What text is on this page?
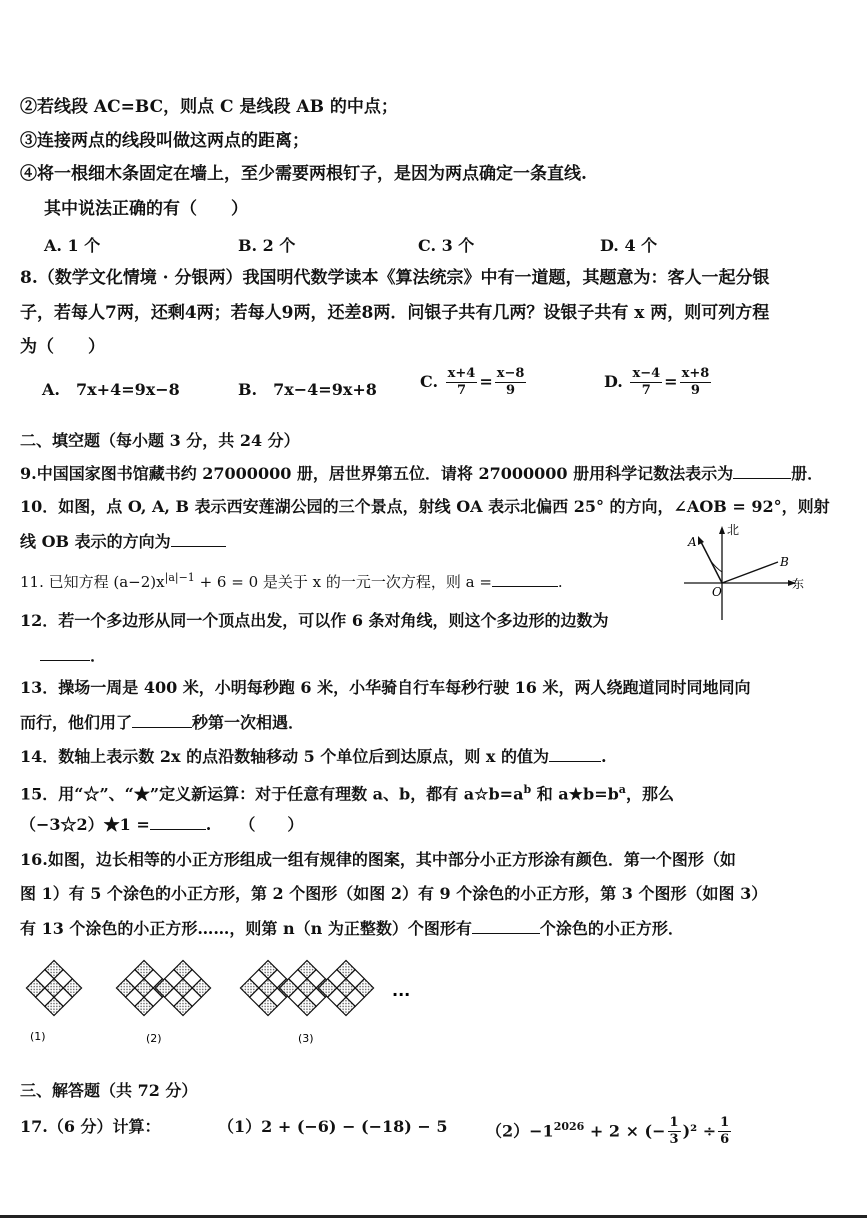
②若线段 AC=BC，则点 C 是线段 AB 的中点；
③连接两点的线段叫做这两点的距离；
④将一根细木条固定在墙上，至少需要两根钉子，是因为两点确定一条直线.
其中说法正确的有（　　）
A. 1 个	B. 2 个	C. 3 个	D. 4 个
8.（数学文化情境 · 分银两）我国明代数学读本《算法统宗》中有一道题，其题意为：客人一起分银
子，若每人7两，还剩4两；若每人9两，还差8两．问银子共有几两？设银子共有 x 两，则可列方程
为（　　）
A.　7x+4=9x−8	B.　7x−4=9x+8	C. $\frac{x+4}{7} = \frac{x-8}{9}$	D. $\frac{x-4}{7} = \frac{x+8}{9}$
二、填空题（每小题 3 分，共 24 分）
9.中国国家图书馆藏书约 27000000 册，居世界第五位．请将 27000000 册用科学记数法表示为	册．
10．如图，点 O, A, B 表示西安莲湖公园的三个景点，射线 OA 表示北偏西 25° 的方向，∠AOB = 92°，则射
线 OB 表示的方向为
北
东
A
B
O
11. 已知方程 $(a-2)x^{|a|-1} + 6 = 0$ 是关于 x 的一元一次方程，则 a =	.
12．若一个多边形从同一个顶点出发，可以作 6 条对角线，则这个多边形的边数为
．
13．操场一周是 400 米，小明每秒跑 6 米，小华骑自行车每秒行驶 16 米，两人绕跑道同时同地同向
而行，他们用了	秒第一次相遇．
14．数轴上表示数 2x 的点沿数轴移动 5 个单位后到达原点，则 x 的值为	.
15．用“☆”、“★”定义新运算：对于任意有理数 a、b，都有 $a☆b=a^b$ 和 $a★b=b^a$，那么
（−3☆2）★1 =	. （　　）
16.如图，边长相等的小正方形组成一组有规律的图案，其中部分小正方形涂有颜色．第一个图形（如
图 1）有 5 个涂色的小正方形，第 2 个图形（如图 2）有 9 个涂色的小正方形，第 3 个图形（如图 3）
有 13 个涂色的小正方形……，则第 n（n 为正整数）个图形有	个涂色的小正方形．
(1)	(2)	(3)
···
三、解答题（共 72 分）
17.（6 分）计算：	（1）2 + (−6) − (−18) − 5 $(2)-1^{2026} + 2$ × (− $\frac{1}{3} )^2 \div \frac{1}{6}$
